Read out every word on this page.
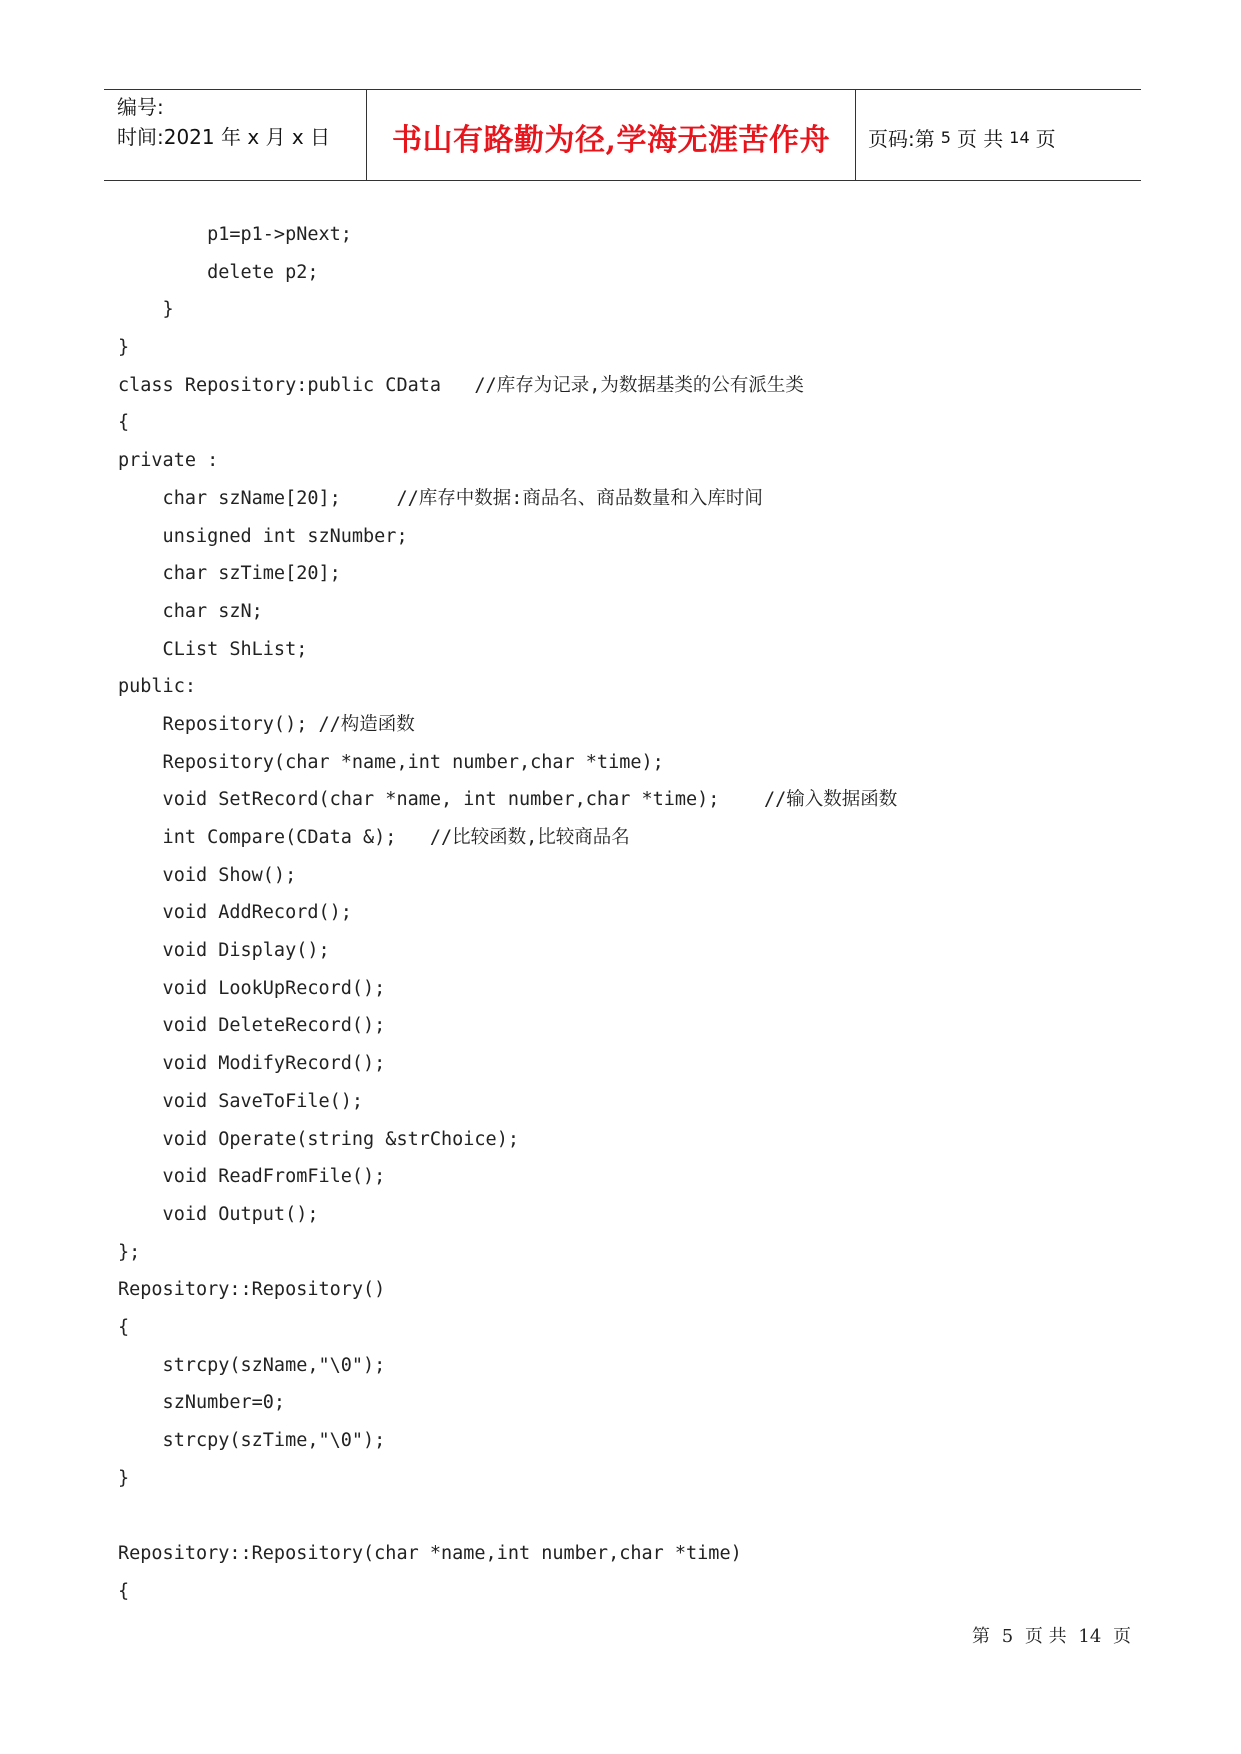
编号:
时间:2021 年 x 月 x 日	书山有路勤为径,学海无涯苦作舟 页码:第 5 页 共 14 页
p1=p1->pNext;
delete p2;
}
}
class Repository:public CData   //库存为记录,为数据基类的公有派生类
{
private :
char szName[20];     //库存中数据:商品名、商品数量和入库时间
unsigned int szNumber;
char szTime[20];
char szN;
CList ShList;
public:
Repository(); //构造函数
Repository(char *name,int number,char *time);
void SetRecord(char *name, int number,char *time);    //输入数据函数
int Compare(CData &);   //比较函数,比较商品名
void Show();
void AddRecord();
void Display();
void LookUpRecord();
void DeleteRecord();
void ModifyRecord();
void SaveToFile();
void Operate(string &strChoice);
void ReadFromFile();
void Output();
};
Repository::Repository()
{
strcpy(szName,"\0");
szNumber=0;
strcpy(szTime,"\0");
}
Repository::Repository(char *name,int number,char *time)
{
第 5 页 共 14 页
